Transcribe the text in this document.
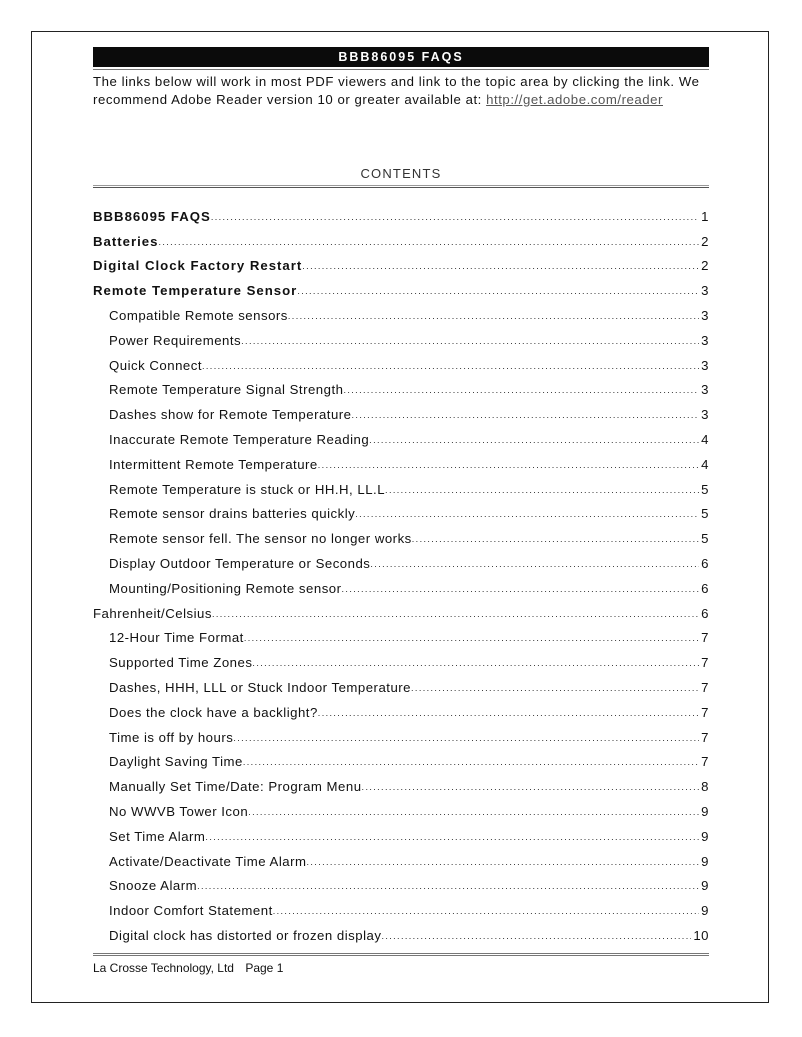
BBB86095 FAQS
The links below will work in most PDF viewers and link to the topic area by clicking the link. We recommend Adobe Reader version 10 or greater available at: http://get.adobe.com/reader
CONTENTS
BBB86095 FAQS .....	1
Batteries .....	2
Digital Clock Factory Restart .....	2
Remote Temperature Sensor .....	3
Compatible Remote sensors .....	3
Power Requirements .....	3
Quick Connect .....	3
Remote Temperature Signal Strength .....	3
Dashes show for Remote Temperature .....	3
Inaccurate Remote Temperature Reading .....	4
Intermittent Remote Temperature .....	4
Remote Temperature is stuck or HH.H, LL.L .....	5
Remote sensor drains batteries quickly .....	5
Remote sensor fell. The sensor no longer works .....	5
Display Outdoor Temperature or Seconds .....	6
Mounting/Positioning Remote sensor .....	6
Fahrenheit/Celsius .....	6
12-Hour Time Format .....	7
Supported Time Zones .....	7
Dashes, HHH, LLL or Stuck Indoor Temperature .....	7
Does the clock have a backlight? .....	7
Time is off by hours .....	7
Daylight Saving Time .....	7
Manually Set Time/Date: Program Menu .....	8
No WWVB Tower Icon .....	9
Set Time Alarm .....	9
Activate/Deactivate Time Alarm .....	9
Snooze Alarm .....	9
Indoor Comfort Statement .....	9
Digital clock has distorted or frozen display .....	10
La Crosse Technology, Ltd Page 1
